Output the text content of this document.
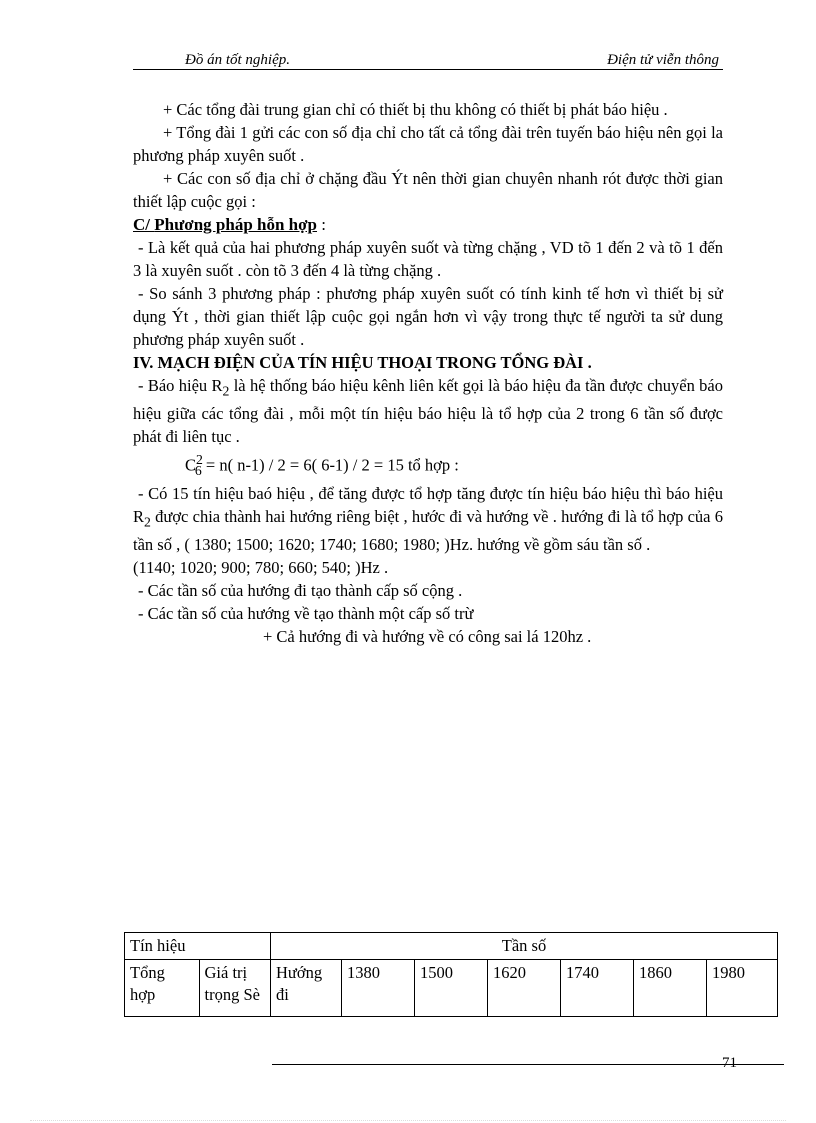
Đồ án tốt nghiệp.	Điện tử viễn thông

+ Các tổng đài trung gian chỉ có thiết bị thu không có thiết bị phát báo hiệu .

+ Tổng đài 1 gửi các con số địa chỉ cho tất cả tổng đài trên tuyến báo hiệu nên gọi la phương pháp xuyên suốt .

+ Các con số địa chỉ ở chặng đầu Ýt nên thời gian chuyên nhanh rót được thời gian thiết lập cuộc gọi :

C/ Phương pháp hỗn hợp :

- Là kết quả của hai phương pháp xuyên suốt và từng chặng , VD tõ 1 đến 2 và tõ 1 đến 3 là xuyên suốt . còn tõ 3 đến 4 là từng chặng .

- So sánh 3 phương pháp : phương pháp xuyên suốt có tính kinh tế hơn vì thiết bị sử dụng Ýt , thời gian thiết lập cuộc gọi ngắn hơn vì vậy trong thực tế người ta sử dung phương pháp xuyên suốt .

IV. MẠCH ĐIỆN CỦA TÍN HIỆU THOẠI TRONG TỔNG ĐÀI .

- Báo hiệu $R_2$ là hệ thống báo hiệu kênh liên kết gọi là báo hiệu đa tần được chuyển báo hiệu giữa các tổng đài , mỗi một tín hiệu báo hiệu là tổ hợp của 2 trong 6 tần số được phát đi liên tục .

$C^2_6 = n$( n-1) / 2 = 6( 6-1) / 2 = 15 tổ hợp :

- Có 15 tín hiệu baó hiệu , để tăng được tổ hợp tăng được tín hiệu báo hiệu thì báo hiệu $R_2$ được chia thành hai hướng riêng biệt , hước đi và hướng về . hướng đi là tổ hợp của 6 tần số , ( 1380; 1500; 1620; 1740; 1680; 1980; )Hz. hướng về gồm sáu tần số .

(1140; 1020; 900; 780; 660; 540; )Hz .

- Các tần số của hướng đi tạo thành cấp số cộng .

- Các tần số của hướng về tạo thành một cấp số trừ

+ Cả hướng đi và hướng về có công sai lá 120hz .

Tín hiệu		Tần số						
Tổng hợp	Giá trị trọng Sè	Hướng đi	1380	1500	1620	1740	1860	1980
71
